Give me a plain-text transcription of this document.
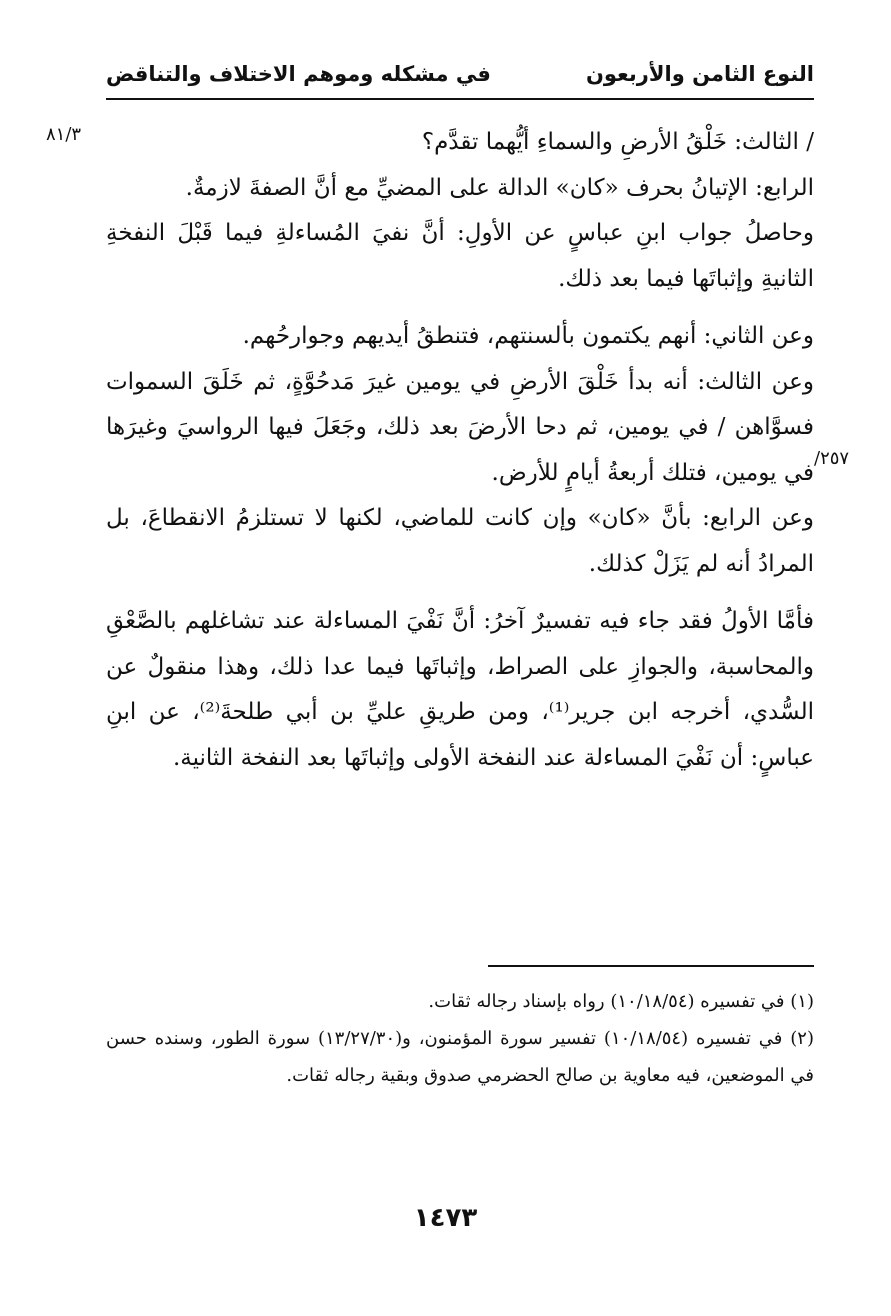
النوع الثامن والأربعون
في مشكله وموهم الاختلاف والتناقض
٨١/٣
٢٥٧/

/ الثالث: خَلْقُ الأرضِ والسماءِ أيُّهما تقدَّم؟

الرابع: الإتيانُ بحرف «كان» الدالة على المضيِّ مع أنَّ الصفةَ لازمةٌ.

وحاصلُ جواب ابنِ عباسٍ عن الأولِ: أنَّ نفيَ المُساءلةِ فيما قَبْلَ النفخةِ الثانيةِ وإثباتَها فيما بعد ذلك.

وعن الثاني: أنهم يكتمون بألسنتهم، فتنطقُ أيديهم وجوارحُهم.

وعن الثالث: أنه بدأ خَلْقَ الأرضِ في يومين غيرَ مَدحُوَّةٍ، ثم خَلَقَ السموات فسوَّاهن / في يومين، ثم دحا الأرضَ بعد ذلك، وجَعَلَ فيها الرواسيَ وغيرَها في يومين، فتلك أربعةُ أيامٍ للأرض.

وعن الرابع: بأنَّ «كان» وإن كانت للماضي، لكنها لا تستلزمُ الانقطاعَ، بل المرادُ أنه لم يَزَلْ كذلك.

فأمَّا الأولُ فقد جاء فيه تفسيرٌ آخرُ: أنَّ نَفْيَ المساءلة عند تشاغلهم بالصَّعْقِ والمحاسبة، والجوازِ على الصراط، وإثباتَها فيما عدا ذلك، وهذا منقولٌ عن السُّدي، أخرجه ابن جرير⁽¹⁾، ومن طريقِ عليِّ بن أبي طلحةَ⁽²⁾، عن ابنِ عباسٍ: أن نَفْيَ المساءلة عند النفخة الأولى وإثباتَها بعد النفخة الثانية.

(١) في تفسيره (١٠/١٨/٥٤) رواه بإسناد رجاله ثقات.

(٢) في تفسيره (١٠/١٨/٥٤) تفسير سورة المؤمنون، و(١٣/٢٧/٣٠) سورة الطور، وسنده حسن في الموضعين، فيه معاوية بن صالح الحضرمي صدوق وبقية رجاله ثقات.

١٤٧٣
